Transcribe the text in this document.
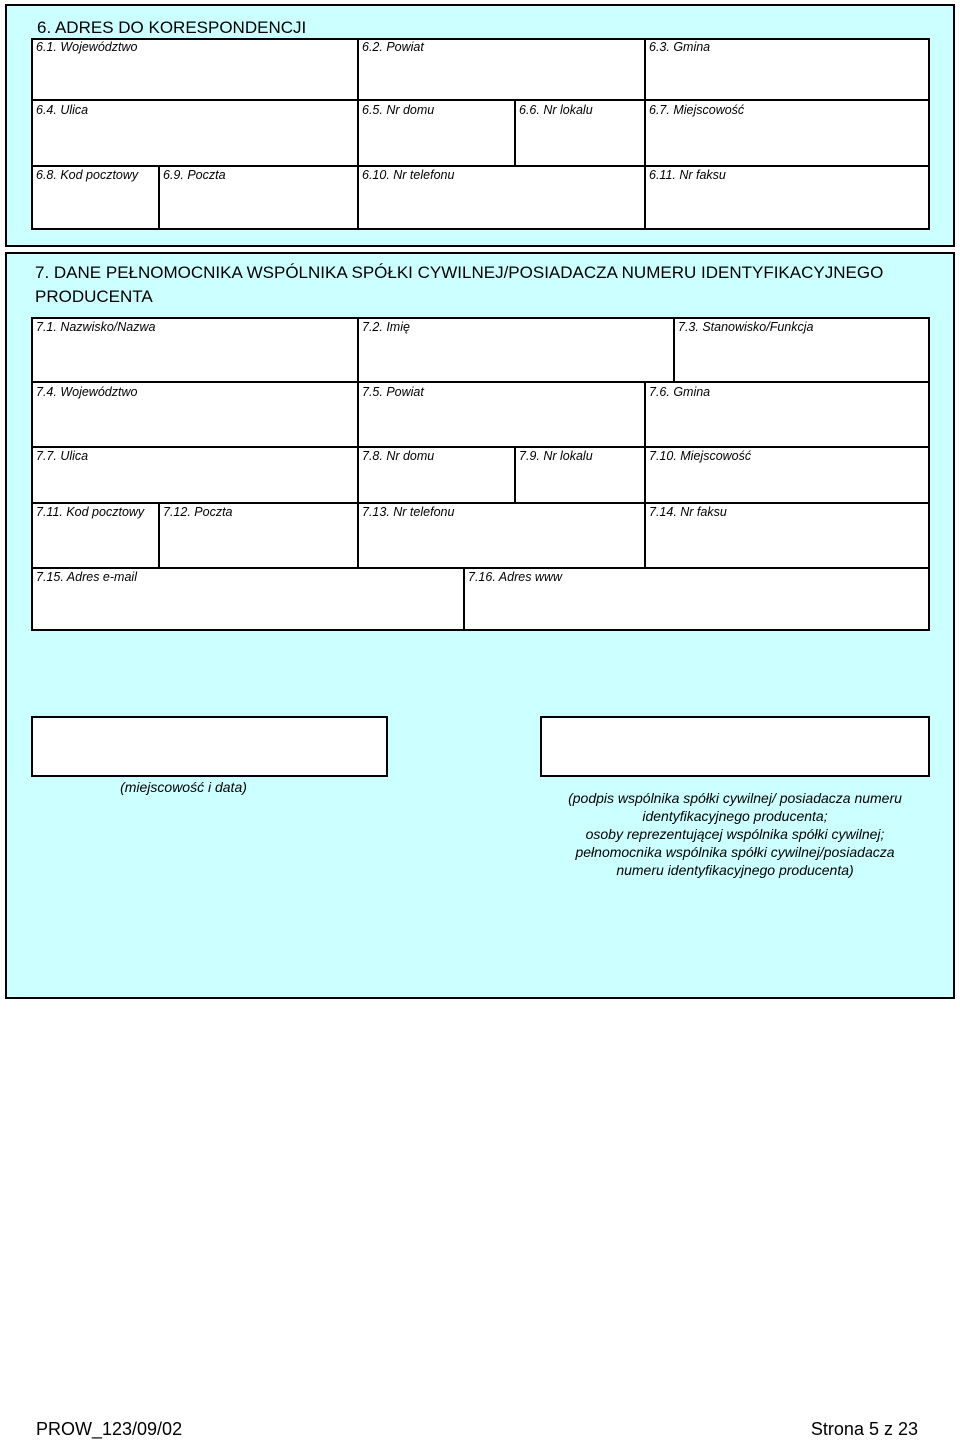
6. ADRES DO KORESPONDENCJI
6.1. Województwo	6.2. Powiat	6.3. Gmina
6.4. Ulica	6.5. Nr domu	6.6. Nr lokalu	6.7. Miejscowość
6.8. Kod pocztowy 6.9. Poczta	6.10. Nr telefonu	6.11. Nr faksu
7. DANE PEŁNOMOCNIKA WSPÓLNIKA SPÓŁKI CYWILNEJ/POSIADACZA NUMERU IDENTYFIKACYJNEGO
PRODUCENTA
7.1. Nazwisko/Nazwa	7.2. Imię	7.3. Stanowisko/Funkcja
7.4. Województwo	7.5. Powiat	7.6. Gmina
7.7. Ulica	7.8. Nr domu	7.9. Nr lokalu	7.10. Miejscowość
7.11. Kod pocztowy 7.12. Poczta	7.13. Nr telefonu	7.14. Nr faksu
7.15. Adres e-mail	7.16. Adres www
(miejscowość i data)
(podpis wspólnika spółki cywilnej/ posiadacza numeru
identyfikacyjnego producenta;
osoby reprezentującej wspólnika spółki cywilnej;
pełnomocnika wspólnika spółki cywilnej/posiadacza
numeru identyfikacyjnego producenta)
PROW_123/09/02	Strona 5 z 23
